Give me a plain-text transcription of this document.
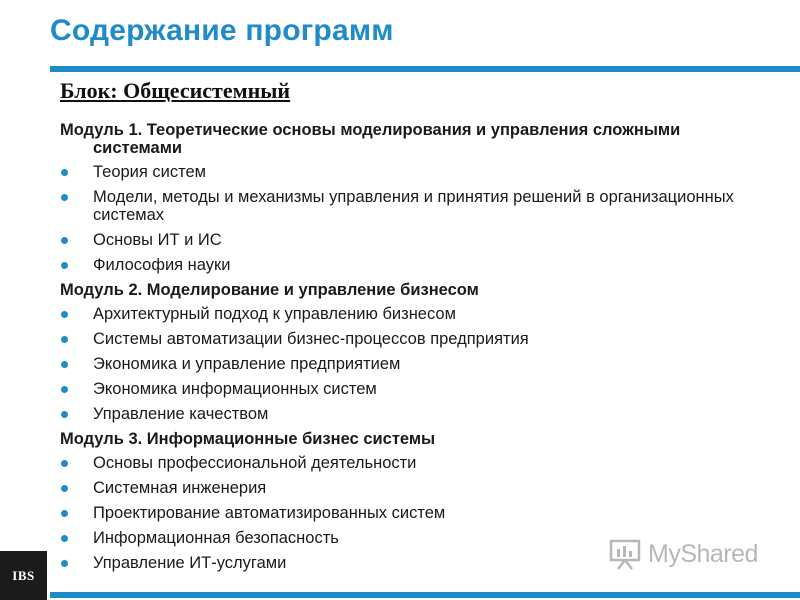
Содержание программ
Блок: Общесистемный
Модуль 1. Теоретические основы моделирования и управления сложными системами
Теория систем
Модели, методы и механизмы управления и принятия решений в организационных системах
Основы ИТ и ИС
Философия науки
Модуль 2. Моделирование и управление бизнесом
Архитектурный подход к управлению бизнесом
Системы автоматизации бизнес-процессов предприятия
Экономика и управление предприятием
Экономика информационных систем
Управление качеством
Модуль 3. Информационные бизнес системы
Основы профессиональной деятельности
Системная инженерия
Проектирование автоматизированных систем
Информационная безопасность
Управление ИТ-услугами
IBS
MyShared
